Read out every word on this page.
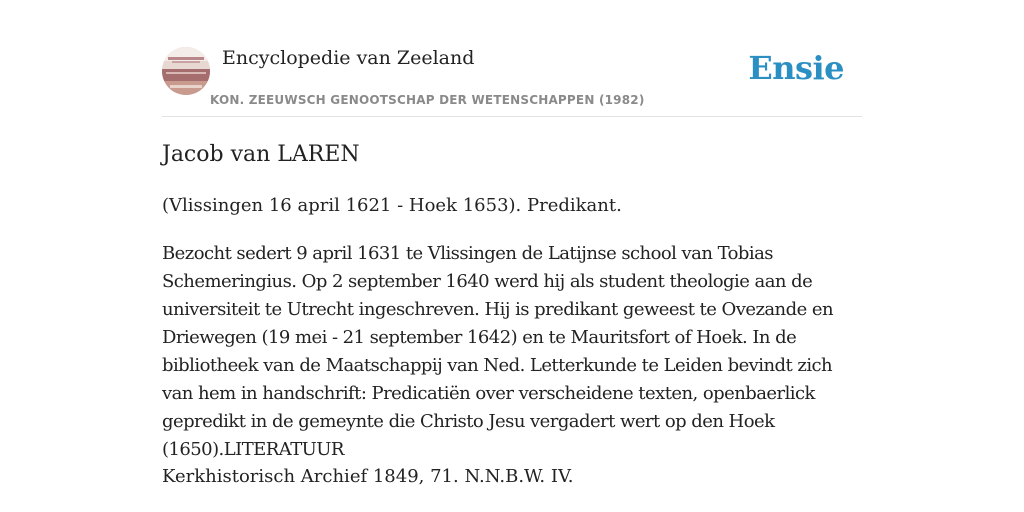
Encyclopedie van Zeeland
KON. ZEEUWSCH GENOOTSCHAP DER WETENSCHAPPEN (1982)
Ensie
Jacob van LAREN

(Vlissingen 16 april 1621 - Hoek 1653). Predikant.

Bezocht sedert 9 april 1631 te Vlissingen de Latijnse school van Tobias Schemeringius. Op 2 september 1640 werd hij als student theologie aan de universiteit te Utrecht ingeschreven. Hij is predikant geweest te Ovezande en Driewegen (19 mei - 21 september 1642) en te Mauritsfort of Hoek. In de bibliotheek van de Maatschappij van Ned. Letterkunde te Leiden bevindt zich van hem in handschrift: Predicatiën over verscheidene texten, openbaerlick gepredikt in de gemeynte die Christo Jesu vergadert wert op den Hoek (1650).LITERATUUR

Kerkhistorisch Archief 1849, 71. N.N.B.W. IV.
